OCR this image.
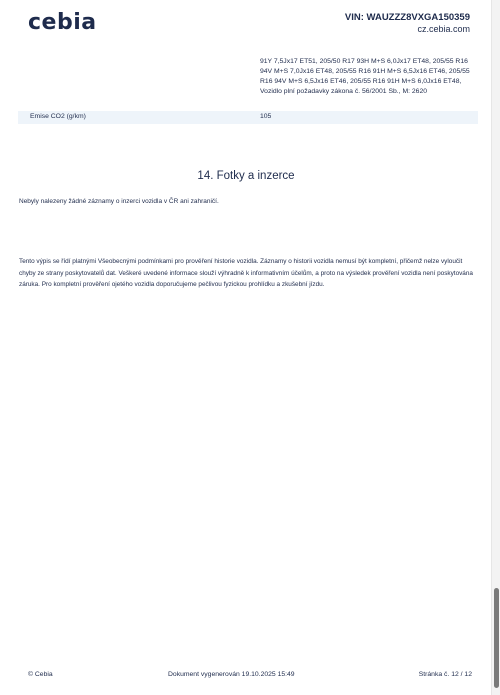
cebia	VIN: WAUZZZ8VXGA150359
cz.cebia.com
91Y 7,5Jx17 ET51, 205/50 R17 93H M+S 6,0Jx17 ET48, 205/55 R16 94V M+S 7,0Jx16 ET48, 205/55 R16 91H M+S 6,5Jx16 ET46, 205/55 R16 94V M+S 6,5Jx16 ET46, 205/55 R16 91H M+S 6,0Jx16 ET48, Vozidlo plní požadavky zákona č. 56/2001 Sb., M: 2620
Emise CO2 (g/km)	105
14. Fotky a inzerce
Nebyly nalezeny žádné záznamy o inzerci vozidla v ČR ani zahraničí.
Tento výpis se řídí platnými Všeobecnými podmínkami pro prověření historie vozidla. Záznamy o historii vozidla nemusí být kompletní, přičemž nelze vyloučit chyby ze strany poskytovatelů dat. Veškeré uvedené informace slouží výhradně k informativním účelům, a proto na výsledek prověření vozidla není poskytována záruka. Pro kompletní prověření ojetého vozidla doporučujeme pečlivou fyzickou prohlídku a zkušební jízdu.
© Cebia	Dokument vygenerován 19.10.2025 15:49	Stránka č. 12 / 12
